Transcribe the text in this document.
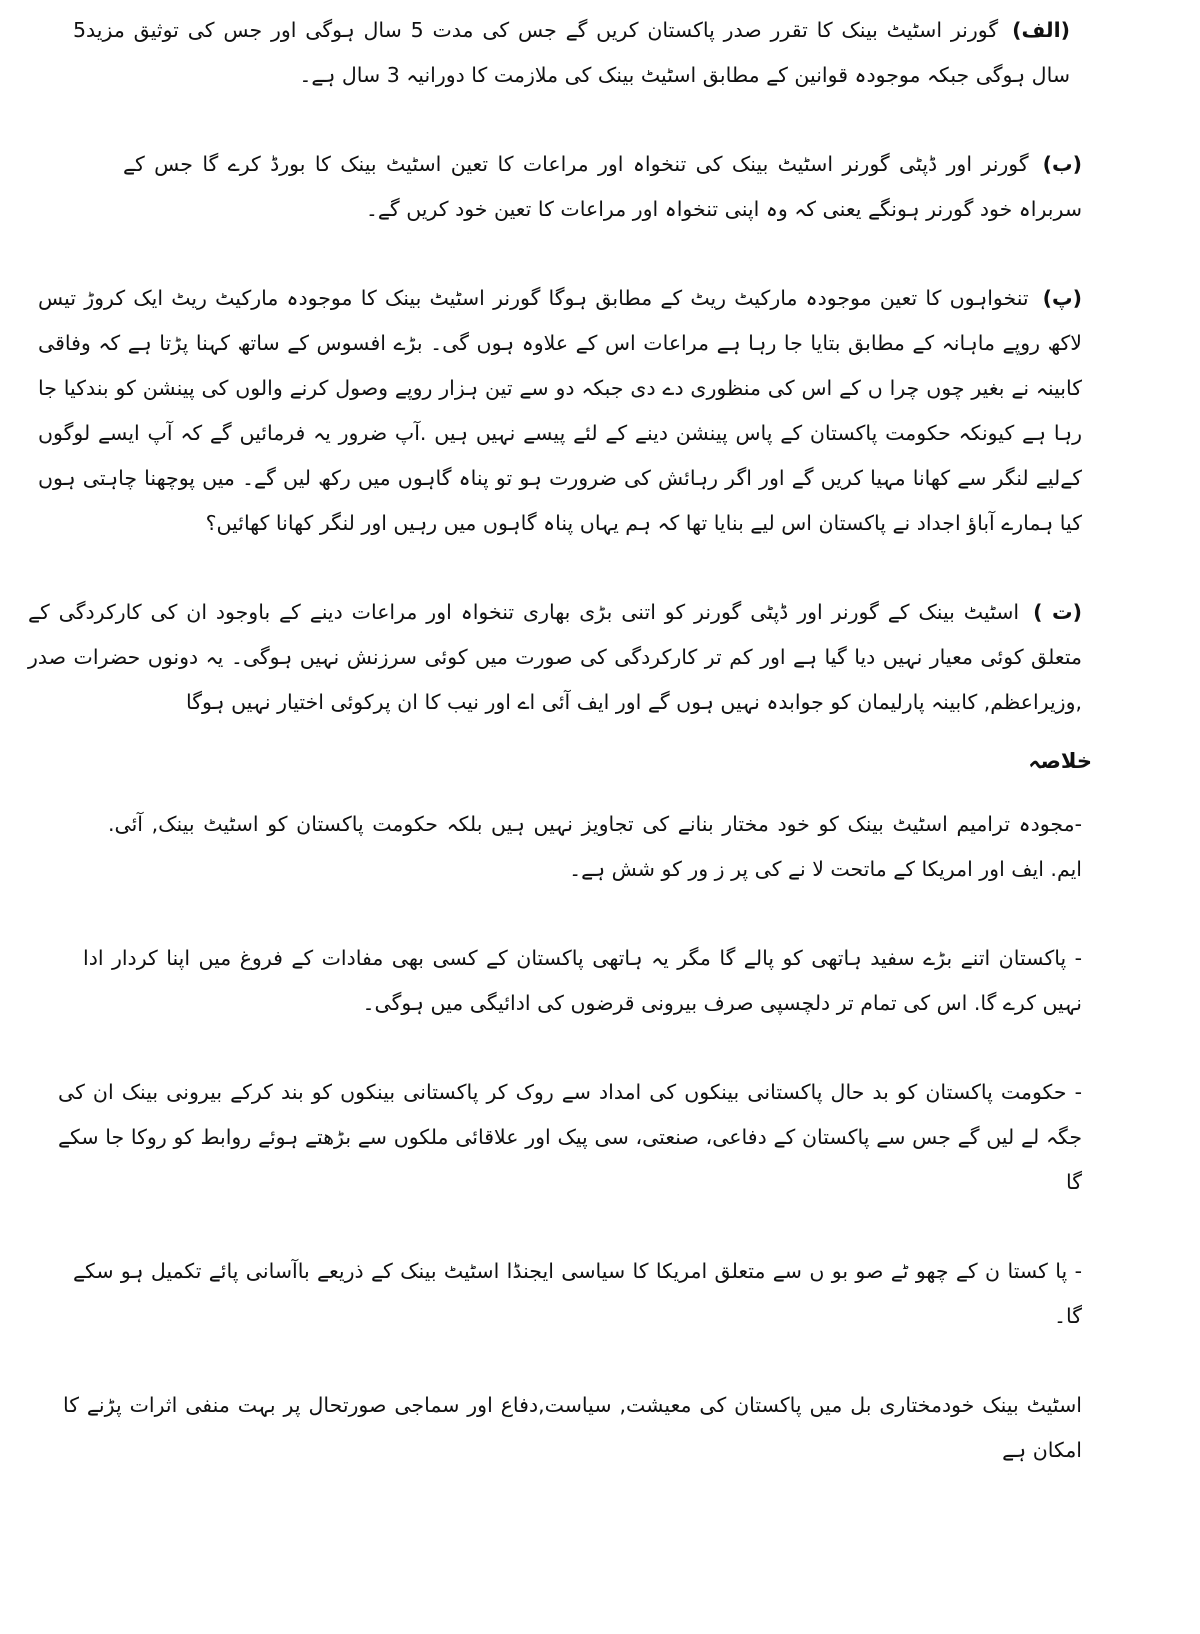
(الف)گورنر اسٹیٹ بینک کا تقرر صدر پاکستان کریں گے جس کی مدت 5 سال ہوگی اور جس کی توثیق مزید5 سال ہوگی جبکہ موجودہ قوانین کے مطابق اسٹیٹ بینک کی ملازمت کا دورانیہ 3 سال ہے۔

(ب)گورنر اور ڈپٹی گورنر اسٹیٹ بینک کی تنخواہ اور مراعات کا تعین اسٹیٹ بینک کا بورڈ کرے گا جس کے سربراہ خود گورنر ہونگے یعنی کہ وہ اپنی تنخواہ اور مراعات کا تعین خود کریں گے۔

(پ)تنخواہوں کا تعین موجودہ مارکیٹ ریٹ کے مطابق ہوگا گورنر اسٹیٹ بینک کا موجودہ مارکیٹ ریٹ ایک کروڑ تیس لاکھ روپے ماہانہ کے مطابق بتایا جا رہا ہے مراعات اس کے علاوہ ہوں گی۔ بڑے افسوس کے ساتھ کہنا پڑتا ہے کہ وفاقی کابینہ نے بغیر چوں چرا ں کے اس کی منظوری دے دی جبکہ دو سے تین ہزار روپے وصول کرنے والوں کی پینشن کو بندکیا جا رہا ہے کیونکہ حکومت پاکستان کے پاس پینشن دینے کے لئے پیسے نہیں ہیں .آپ ضرور یہ فرمائیں گے کہ آپ ایسے لوگوں کےلیے لنگر سے کھانا مہیا کریں گے اور اگر رہائش کی ضرورت ہو تو پناہ گاہوں میں رکھ لیں گے۔ میں پوچھنا چاہتی ہوں کیا ہمارے آباؤ اجداد نے پاکستان اس لیے بنایا تھا کہ ہم یہاں پناہ گاہوں میں رہیں اور لنگر کھانا کھائیں؟

(ت )اسٹیٹ بینک کے گورنر اور ڈپٹی گورنر کو اتنی بڑی بھاری تنخواہ اور مراعات دینے کے باوجود ان کی کارکردگی کے متعلق کوئی معیار نہیں دیا گیا ہے اور کم تر کارکردگی کی صورت میں کوئی سرزنش نہیں ہوگی۔ یہ دونوں حضرات صدر ,وزیراعظم, کابینہ پارلیمان کو جوابدہ نہیں ہوں گے اور ایف آئی اے اور نیب کا ان پرکوئی اختیار نہیں ہوگا

خلاصہ

-مجودہ ترامیم اسٹیٹ بینک کو خود مختار بنانے کی تجاویز نہیں ہیں بلکہ حکومت پاکستان کو اسٹیٹ بینک, آئی. ایم. ایف اور امریکا کے ماتحت لا نے کی پر ز ور کو شش ہے۔

- پاکستان اتنے بڑے سفید ہاتھی کو پالے گا مگر یہ ہاتھی پاکستان کے کسی بھی مفادات کے فروغ میں اپنا کردار ادا نہیں کرے گا. اس کی تمام تر دلچسپی صرف بیرونی قرضوں کی ادائیگی میں ہوگی۔

- حکومت پاکستان کو بد حال پاکستانی بینکوں کی امداد سے روک کر پاکستانی بینکوں کو بند کرکے بیرونی بینک ان کی جگہ لے لیں گے جس سے پاکستان کے دفاعی، صنعتی، سی پیک اور علاقائی ملکوں سے بڑھتے ہوئے روابط کو روکا جا سکے گا

- پا کستا ن کے چھو ٹے صو بو ں سے متعلق امریکا کا سیاسی ایجنڈا اسٹیٹ بینک کے ذریعے باآسانی پائے تکمیل ہو سکے گا۔

اسٹیٹ بینک خودمختاری بل میں پاکستان کی معیشت, سیاست,دفاع اور سماجی صورتحال پر بہت منفی اثرات پڑنے کا امکان ہے
